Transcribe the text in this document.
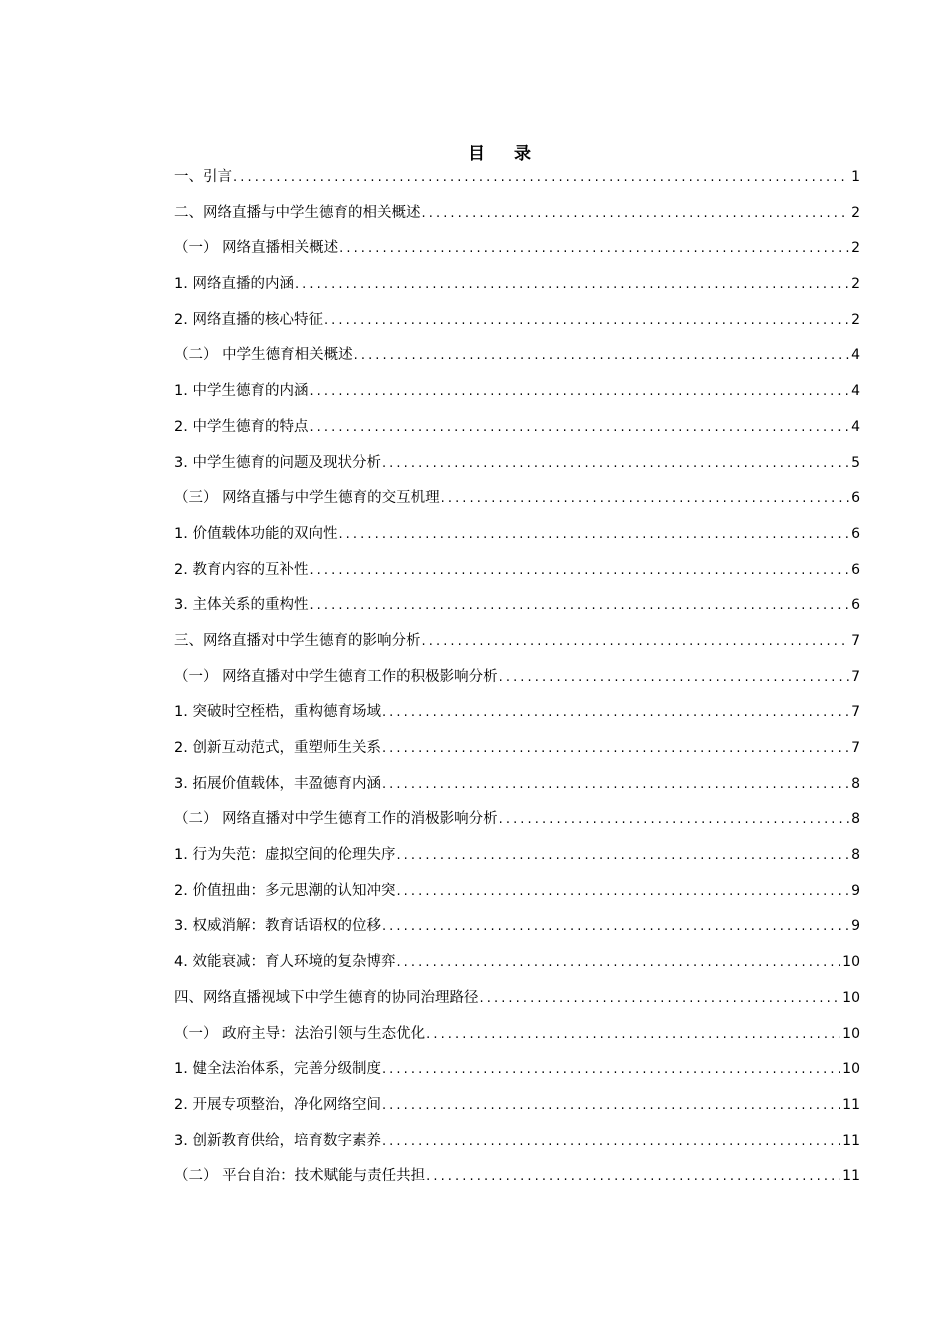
目 录
一、引言 .....	1
二、网络直播与中学生德育的相关概述 .....	2
（一） 网络直播相关概述 .....	2
1. 网络直播的内涵 .....	2
2. 网络直播的核心特征 .....	2
（二） 中学生德育相关概述 .....	4
1. 中学生德育的内涵 .....	4
2. 中学生德育的特点 .....	4
3. 中学生德育的问题及现状分析 .....	5
（三） 网络直播与中学生德育的交互机理 .....	6
1. 价值载体功能的双向性 .....	6
2. 教育内容的互补性 .....	6
3. 主体关系的重构性 .....	6
三、网络直播对中学生德育的影响分析 .....	7
（一） 网络直播对中学生德育工作的积极影响分析 .....	7
1. 突破时空桎梏，重构德育场域 .....	7
2. 创新互动范式，重塑师生关系 .....	7
3. 拓展价值载体，丰盈德育内涵 .....	8
（二） 网络直播对中学生德育工作的消极影响分析 .....	8
1. 行为失范：虚拟空间的伦理失序 .....	8
2. 价值扭曲：多元思潮的认知冲突 .....	9
3. 权威消解：教育话语权的位移 .....	9
4. 效能衰减：育人环境的复杂博弈 .....	10
四、网络直播视域下中学生德育的协同治理路径 .....	10
（一） 政府主导：法治引领与生态优化 .....	10
1. 健全法治体系，完善分级制度 .....	10
2. 开展专项整治，净化网络空间 .....	11
3. 创新教育供给，培育数字素养 .....	11
（二） 平台自治：技术赋能与责任共担 .....	11
